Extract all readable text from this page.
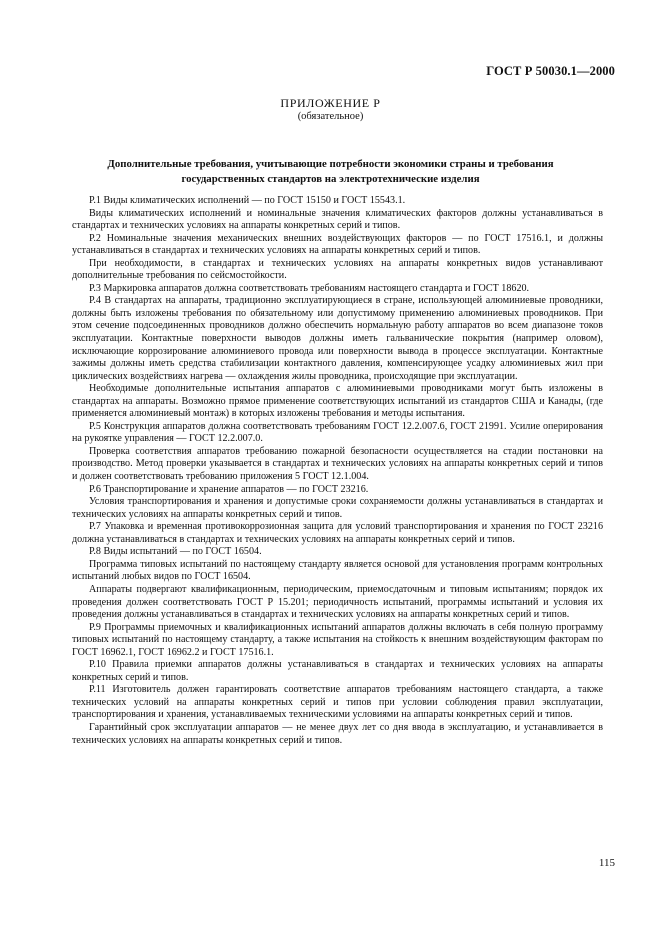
ГОСТ Р 50030.1—2000
ПРИЛОЖЕНИЕ Р
(обязательное)
Дополнительные требования, учитывающие потребности экономики страны и требования государственных стандартов на электротехнические изделия

Р.1 Виды климатических исполнений — по ГОСТ 15150 и ГОСТ 15543.1.

Виды климатических исполнений и номинальные значения климатических факторов должны устанавливаться в стандартах и технических условиях на аппараты конкретных серий и типов.

Р.2 Номинальные значения механических внешних воздействующих факторов — по ГОСТ 17516.1, и должны устанавливаться в стандартах и технических условиях на аппараты конкретных серий и типов.

При необходимости, в стандартах и технических условиях на аппараты конкретных видов устанавливают дополнительные требования по сейсмостойкости.

Р.3 Маркировка аппаратов должна соответствовать требованиям настоящего стандарта и ГОСТ 18620.

Р.4 В стандартах на аппараты, традиционно эксплуатирующиеся в стране, использующей алюминиевые проводники, должны быть изложены требования по обязательному или допустимому применению алюминиевых проводников. При этом сечение подсоединенных проводников должно обеспечить нормальную работу аппаратов во всем диапазоне токов эксплуатации. Контактные поверхности выводов должны иметь гальванические покрытия (например оловом), исключающие коррозирование алюминиевого провода или поверхности вывода в процессе эксплуатации. Контактные зажимы должны иметь средства стабилизации контактного давления, компенсирующее усадку алюминиевых жил при циклических воздействиях нагрева — охлаждения жилы проводника, происходящие при эксплуатации.

Необходимые дополнительные испытания аппаратов с алюминиевыми проводниками могут быть изложены в стандартах на аппараты. Возможно прямое применение соответствующих испытаний из стандартов США и Канады, (где применяется алюминиевый монтаж) в которых изложены требования и методы испытания.

Р.5 Конструкция аппаратов должна соответствовать требованиям ГОСТ 12.2.007.6, ГОСТ 21991. Усилие оперирования на рукоятке управления — ГОСТ 12.2.007.0.

Проверка соответствия аппаратов требованию пожарной безопасности осуществляется на стадии постановки на производство. Метод проверки указывается в стандартах и технических условиях на аппараты конкретных серий и типов и должен соответствовать требованию приложения 5 ГОСТ 12.1.004.

Р.6 Транспортирование и хранение аппаратов — по ГОСТ 23216.

Условия транспортирования и хранения и допустимые сроки сохраняемости должны устанавливаться в стандартах и технических условиях на аппараты конкретных серий и типов.

Р.7 Упаковка и временная противокоррозионная защита для условий транспортирования и хранения по ГОСТ 23216 должна устанавливаться в стандартах и технических условиях на аппараты конкретных серий и типов.

Р.8 Виды испытаний — по ГОСТ 16504.

Программа типовых испытаний по настоящему стандарту является основой для установления программ контрольных испытаний любых видов по ГОСТ 16504.

Аппараты подвергают квалификационным, периодическим, приемосдаточным и типовым испытаниям; порядок их проведения должен соответствовать ГОСТ Р 15.201; периодичность испытаний, программы испытаний и условия их проведения должны устанавливаться в стандартах и технических условиях на аппараты конкретных серий и типов.

Р.9 Программы приемочных и квалификационных испытаний аппаратов должны включать в себя полную программу типовых испытаний по настоящему стандарту, а также испытания на стойкость к внешним воздействующим факторам по ГОСТ 16962.1, ГОСТ 16962.2 и ГОСТ 17516.1.

Р.10 Правила приемки аппаратов должны устанавливаться в стандартах и технических условиях на аппараты конкретных серий и типов.

Р.11 Изготовитель должен гарантировать соответствие аппаратов требованиям настоящего стандарта, а также технических условий на аппараты конкретных серий и типов при условии соблюдения правил эксплуатации, транспортирования и хранения, устанавливаемых техническими условиями на аппараты конкретных серий и типов.

Гарантийный срок эксплуатации аппаратов — не менее двух лет со дня ввода в эксплуатацию, и устанавливается в технических условиях на аппараты конкретных серий и типов.

115
